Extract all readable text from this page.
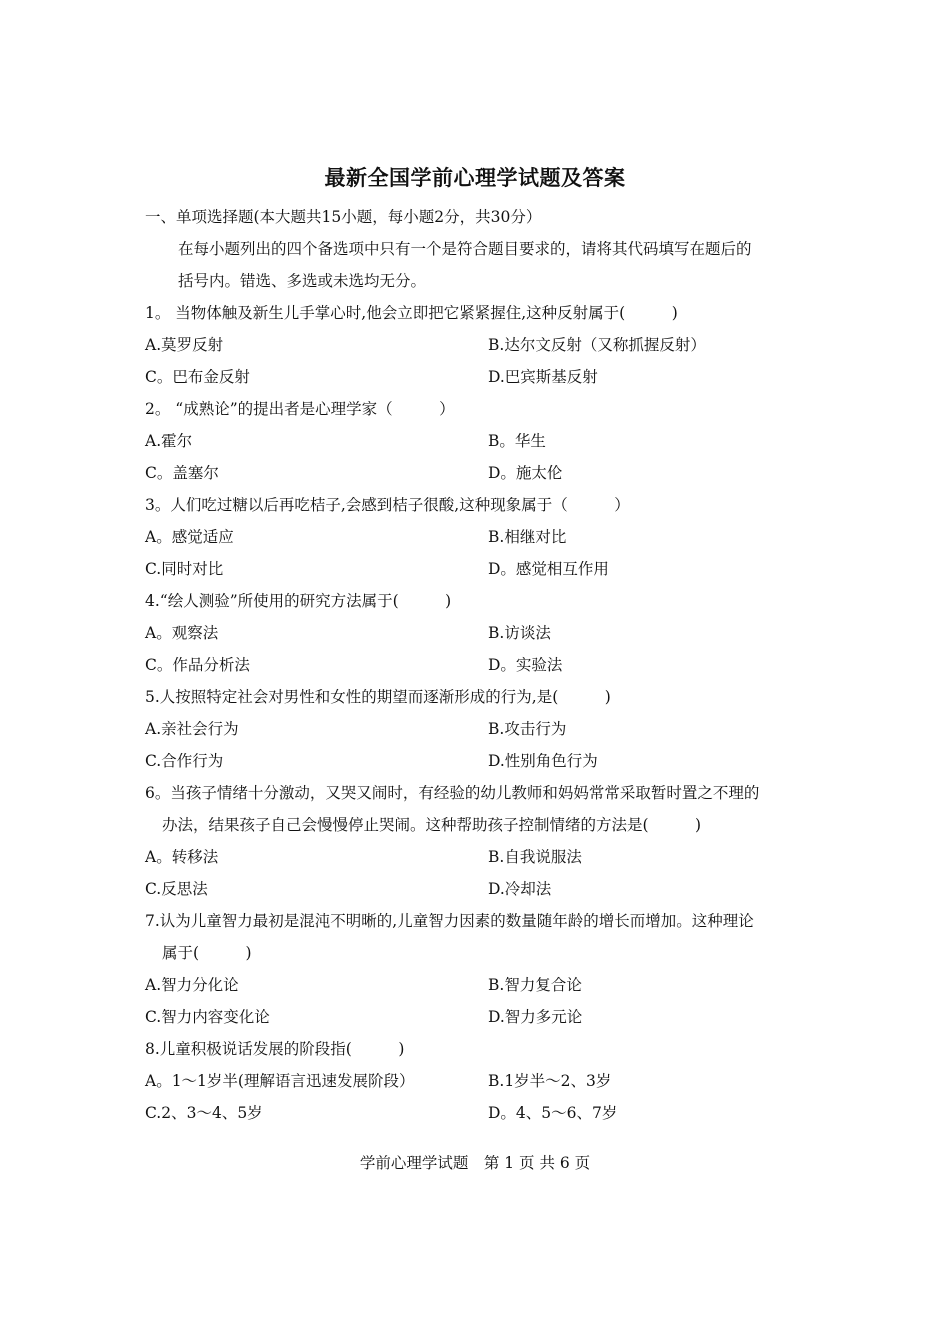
最新全国学前心理学试题及答案
一、单项选择题(本大题共15小题，每小题2分，共30分）
在每小题列出的四个备选项中只有一个是符合题目要求的，请将其代码填写在题后的
括号内。错选、多选或未选均无分。
1。 当物体触及新生儿手掌心时,他会立即把它紧紧握住,这种反射属于(　　　)
A.莫罗反射	B.达尔文反射（又称抓握反射）
C。巴布金反射	D.巴宾斯基反射
2。 “成熟论”的提出者是心理学家（　　　）
A.霍尔	B。华生
C。盖塞尔	D。施太伦
3。人们吃过糖以后再吃桔子,会感到桔子很酸,这种现象属于（　　　）
A。感觉适应	B.相继对比
C.同时对比	D。感觉相互作用
4.“绘人测验”所使用的研究方法属于(　　　)
A。观察法	B.访谈法
C。作品分析法	D。实验法
5.人按照特定社会对男性和女性的期望而逐渐形成的行为,是(　　　)
A.亲社会行为	B.攻击行为
C.合作行为	D.性别角色行为
6。当孩子情绪十分激动，又哭又闹时，有经验的幼儿教师和妈妈常常采取暂时置之不理的
办法，结果孩子自己会慢慢停止哭闹。这种帮助孩子控制情绪的方法是(　　　)
A。转移法	B.自我说服法
C.反思法	D.冷却法
7.认为儿童智力最初是混沌不明晰的,儿童智力因素的数量随年龄的增长而增加。这种理论
属于(　　　)
A.智力分化论	B.智力复合论
C.智力内容变化论	D.智力多元论
8.儿童积极说话发展的阶段指(　　　)
A。1～1岁半(理解语言迅速发展阶段）	B.1岁半～2、3岁
C.2、3～4、5岁	D。4、5～6、7岁
学前心理学试题　第 1 页 共 6 页
